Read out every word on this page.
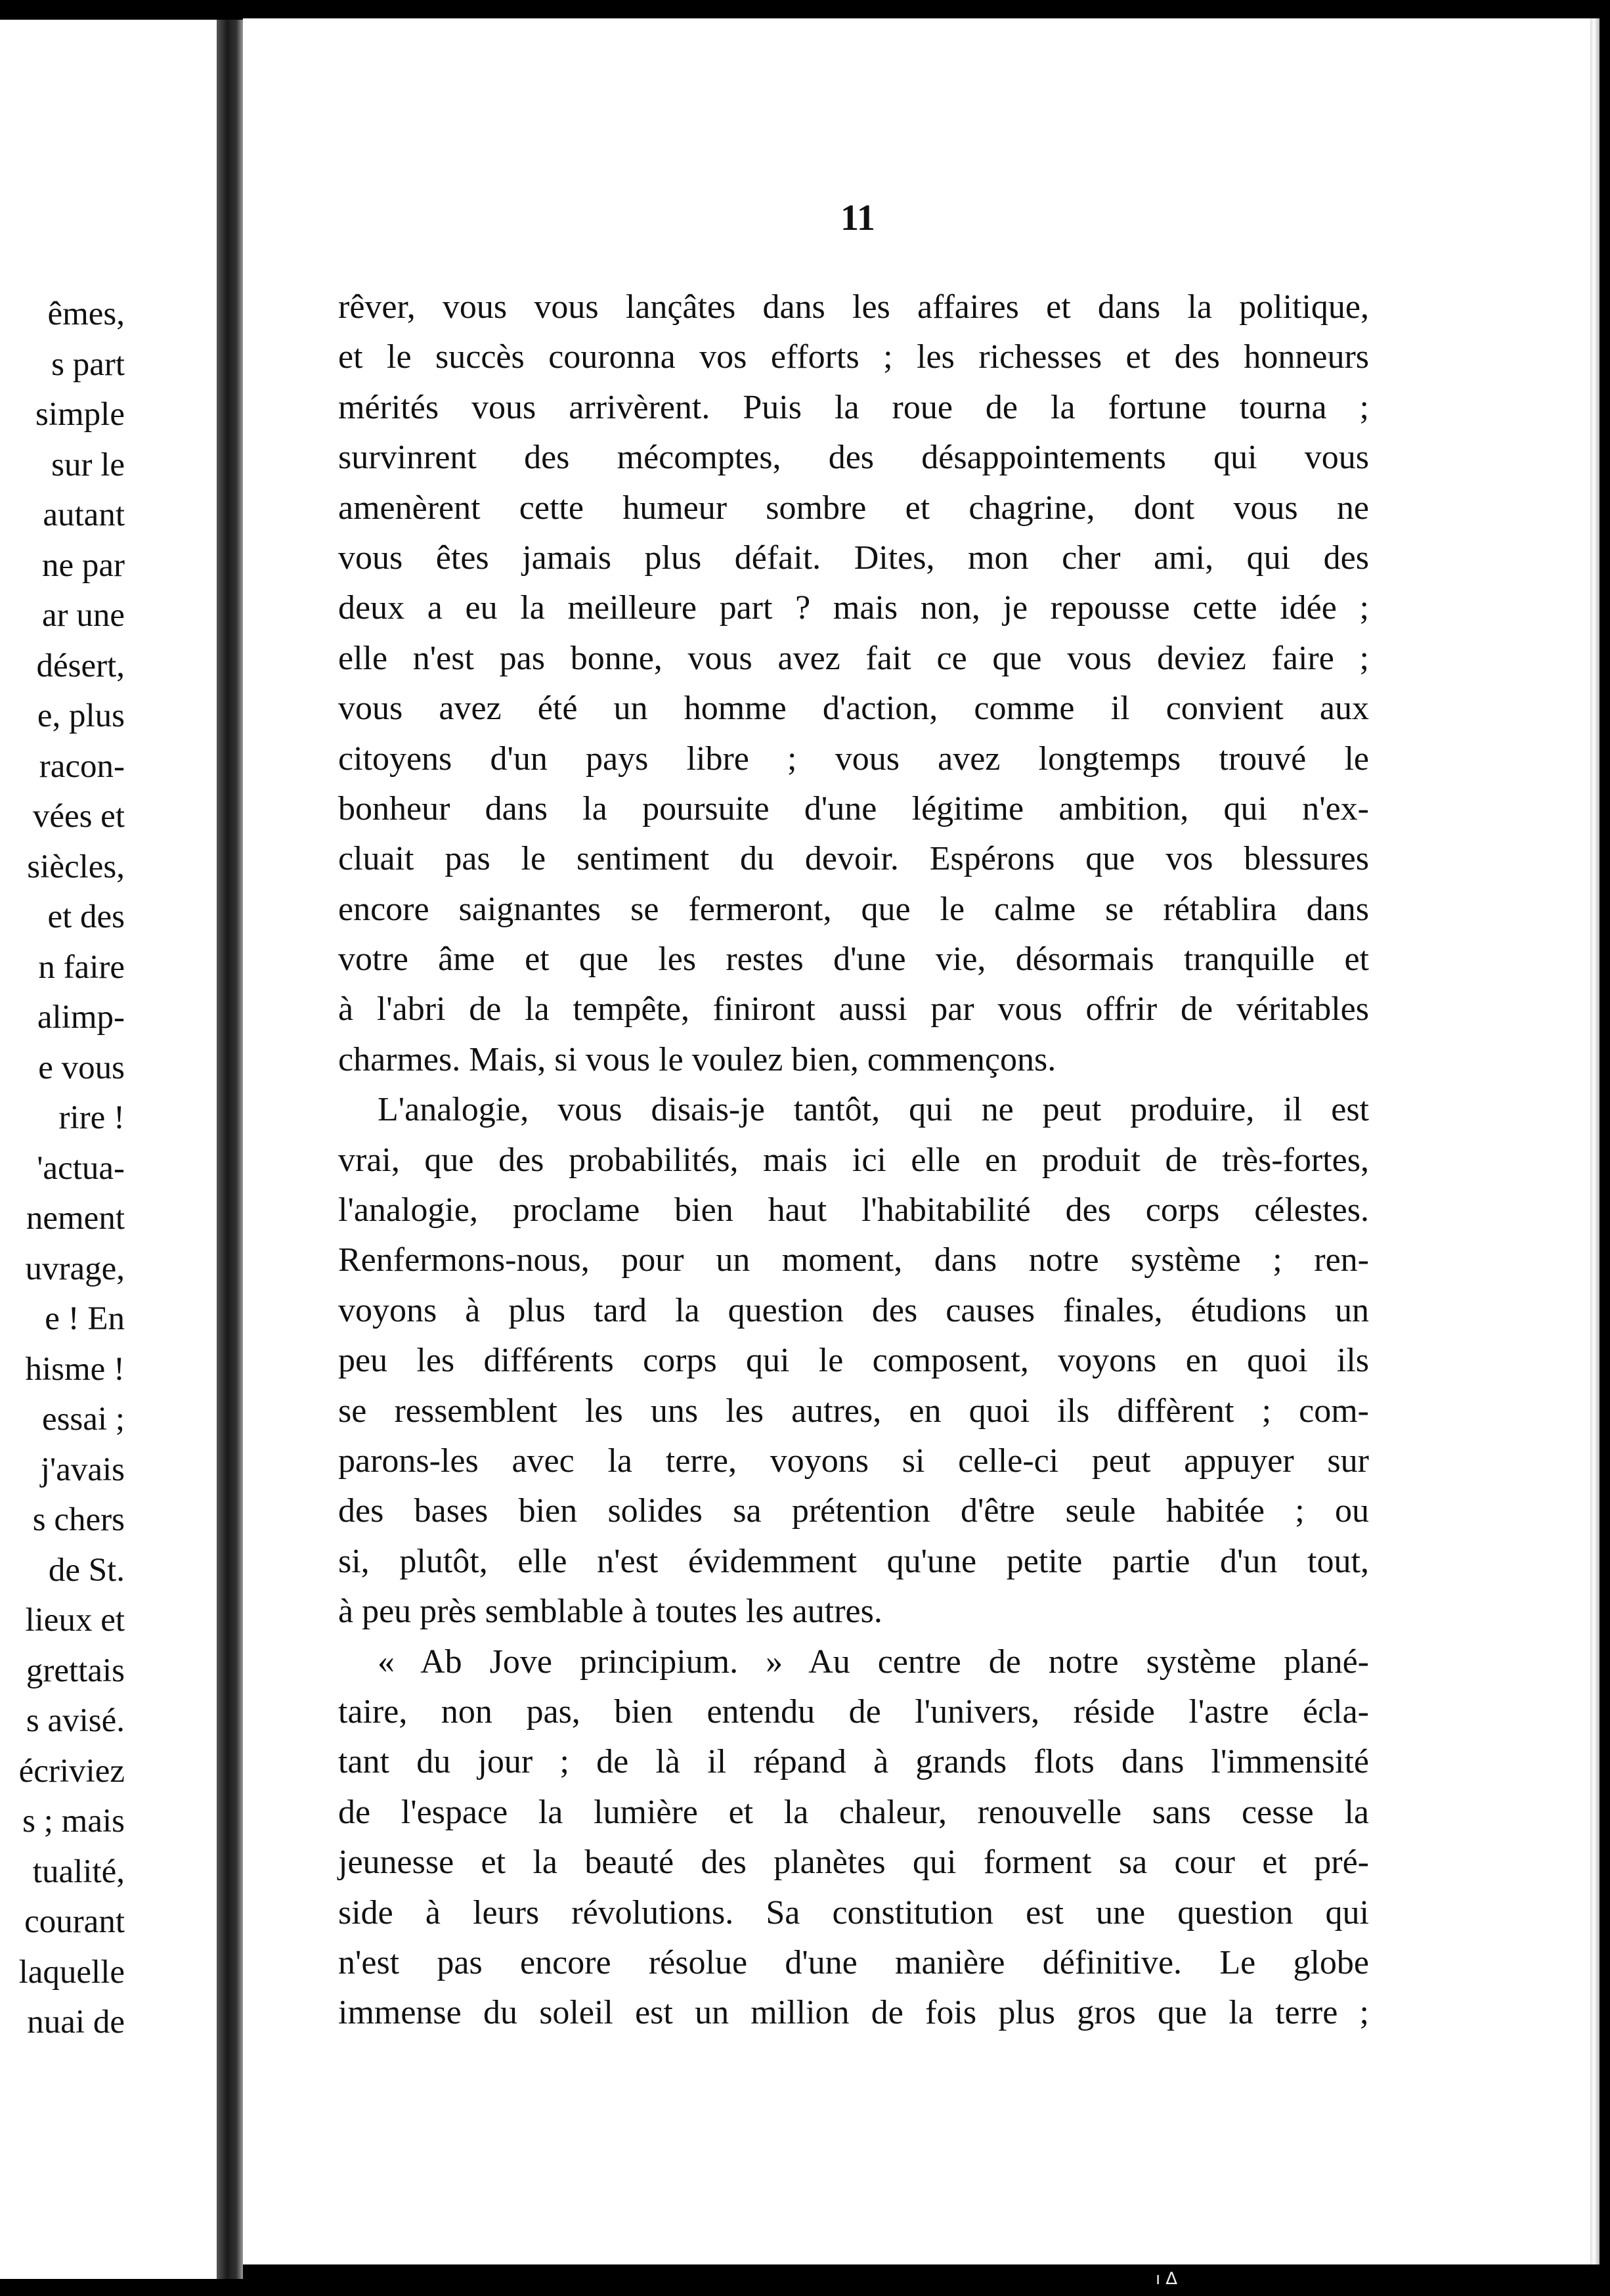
êmes,
s part
simple
sur le
autant
ne par
ar une
désert,
e, plus
racon-
vées et
siècles,
et des
n faire
alimp-
e vous
rire !
'actua-
nement
uvrage,
e ! En
hisme !
essai ;
j'avais
s chers
de St.
lieux et
grettais
s avisé.
écriviez
s ; mais
tualité,
courant
laquelle
nuai de
11
rêver, vous vous lançâtes dans les affaires et dans la politique,
et le succès couronna vos efforts ; les richesses et des honneurs
mérités vous arrivèrent. Puis la roue de la fortune tourna ;
survinrent des mécomptes, des désappointements qui vous
amenèrent cette humeur sombre et chagrine, dont vous ne
vous êtes jamais plus défait. Dites, mon cher ami, qui des
deux a eu la meilleure part ? mais non, je repousse cette idée ;
elle n'est pas bonne, vous avez fait ce que vous deviez faire ;
vous avez été un homme d'action, comme il convient aux
citoyens d'un pays libre ; vous avez longtemps trouvé le
bonheur dans la poursuite d'une légitime ambition, qui n'ex-
cluait pas le sentiment du devoir. Espérons que vos blessures
encore saignantes se fermeront, que le calme se rétablira dans
votre âme et que les restes d'une vie, désormais tranquille et
à l'abri de la tempête, finiront aussi par vous offrir de véritables
charmes. Mais, si vous le voulez bien, commençons.
L'analogie, vous disais-je tantôt, qui ne peut produire, il est
vrai, que des probabilités, mais ici elle en produit de très-fortes,
l'analogie, proclame bien haut l'habitabilité des corps célestes.
Renfermons-nous, pour un moment, dans notre système ; ren-
voyons à plus tard la question des causes finales, étudions un
peu les différents corps qui le composent, voyons en quoi ils
se ressemblent les uns les autres, en quoi ils diffèrent ; com-
parons-les avec la terre, voyons si celle-ci peut appuyer sur
des bases bien solides sa prétention d'être seule habitée ; ou
si, plutôt, elle n'est évidemment qu'une petite partie d'un tout,
à peu près semblable à toutes les autres.
« Ab Jove principium. » Au centre de notre système plané-
taire, non pas, bien entendu de l'univers, réside l'astre écla-
tant du jour ; de là il répand à grands flots dans l'immensité
de l'espace la lumière et la chaleur, renouvelle sans cesse la
jeunesse et la beauté des planètes qui forment sa cour et pré-
side à leurs révolutions. Sa constitution est une question qui
n'est pas encore résolue d'une manière définitive. Le globe
immense du soleil est un million de fois plus gros que la terre ;
ı ∆
